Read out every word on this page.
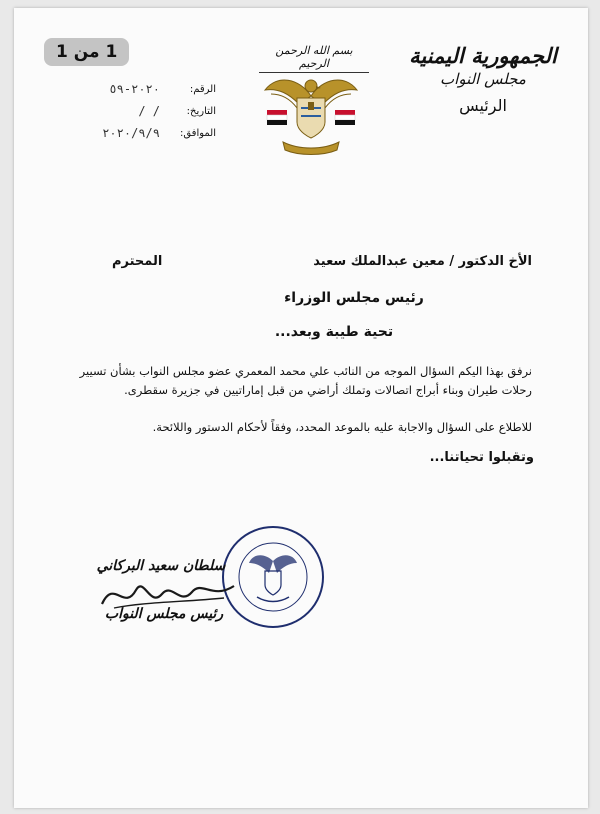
1 من 1	الجمهورية اليمنية
مجلس النواب
الرئيس
بسم الله الرحمن الرحيم
الرقم:
٢٠٢٠-٥٩
التاريخ:
/ /
الموافق:
٢٠٢٠/٩/٩
الأخ الدكتور / معين عبدالملك سعيد
المحترم
رئيس مجلس الوزراء
تحية طيبة وبعد...
نرفق بهذا اليكم السؤال الموجه من النائب علي محمد المعمري عضو مجلس النواب بشأن تسيير رحلات طيران وبناء أبراج اتصالات وتملك أراضي من قبل إماراتيين في جزيرة سقطرى.
للاطلاع على السؤال والاجابة عليه بالموعد المحدد، وفقاً لأحكام الدستور واللائحة.
وتقبلوا تحياتنا...
سلطان سعيد البركاني
رئيس مجلس النواب
